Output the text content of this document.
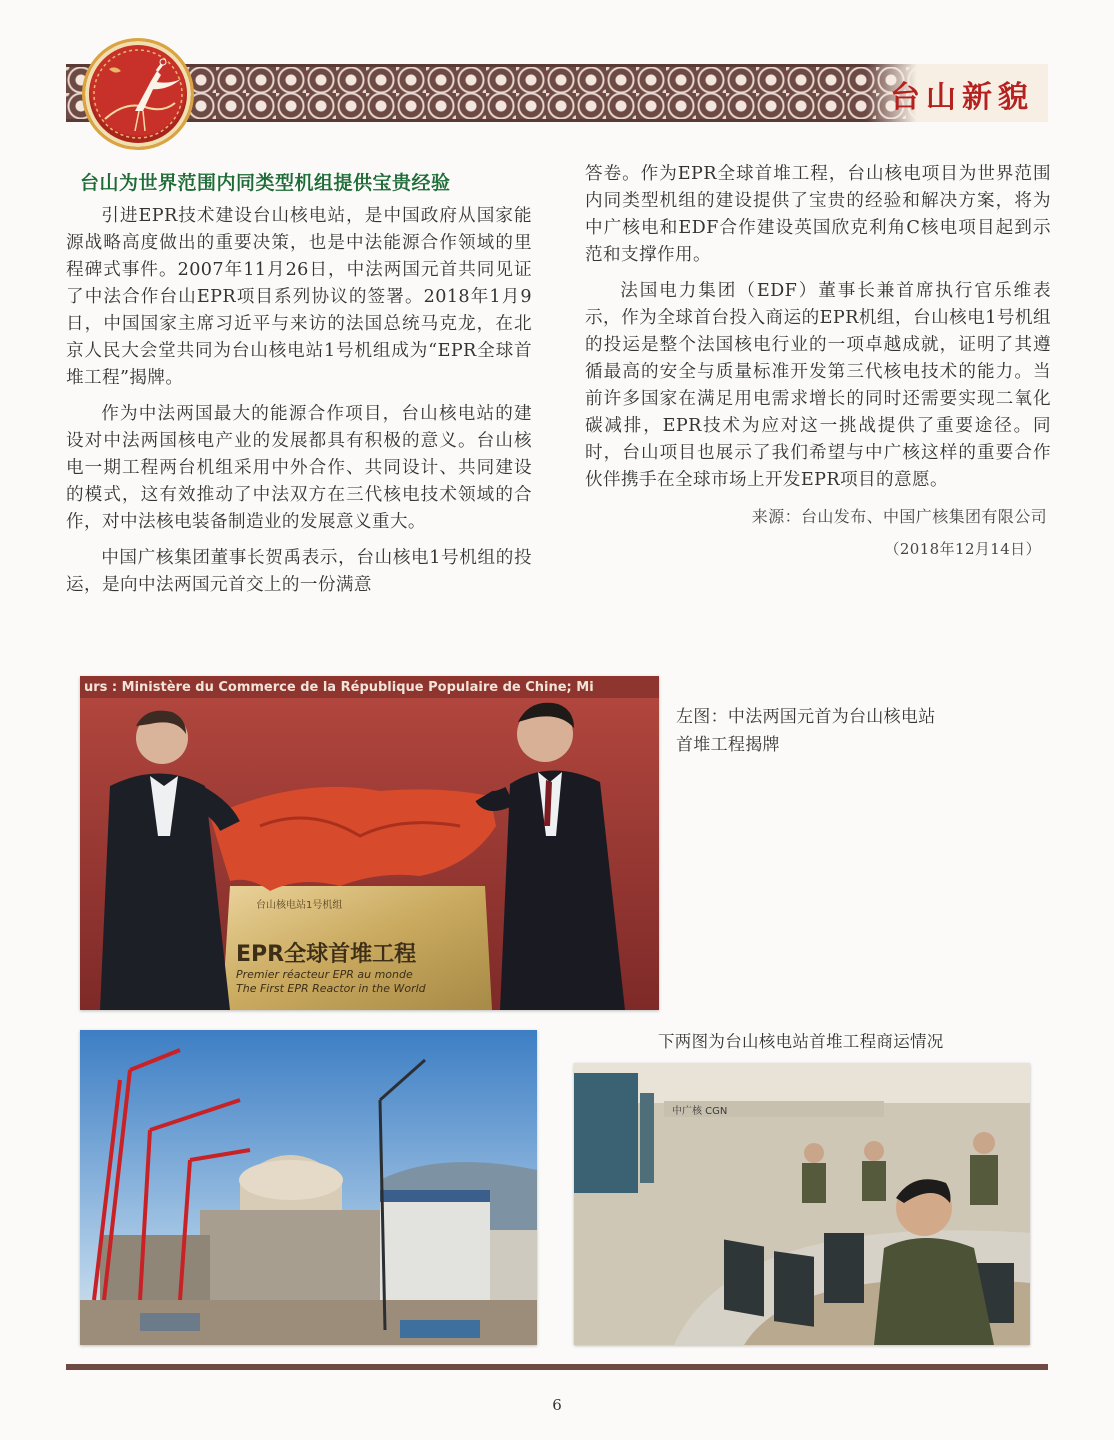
台山新貌
台山为世界范围内同类型机组提供宝贵经验

引进EPR技术建设台山核电站，是中国政府从国家能源战略高度做出的重要决策，也是中法能源合作领域的里程碑式事件。2007年11月26日，中法两国元首共同见证了中法合作台山EPR项目系列协议的签署。2018年1月9日，中国国家主席习近平与来访的法国总统马克龙，在北京人民大会堂共同为台山核电站1号机组成为“EPR全球首堆工程”揭牌。

作为中法两国最大的能源合作项目，台山核电站的建设对中法两国核电产业的发展都具有积极的意义。台山核电一期工程两台机组采用中外合作、共同设计、共同建设的模式，这有效推动了中法双方在三代核电技术领域的合作，对中法核电装备制造业的发展意义重大。

中国广核集团董事长贺禹表示，台山核电1号机组的投运，是向中法两国元首交上的一份满意

答卷。作为EPR全球首堆工程，台山核电项目为世界范围内同类型机组的建设提供了宝贵的经验和解决方案，将为中广核电和EDF合作建设英国欣克利角C核电项目起到示范和支撑作用。

法国电力集团（EDF）董事长兼首席执行官乐维表示，作为全球首台投入商运的EPR机组，台山核电1号机组的投运是整个法国核电行业的一项卓越成就，证明了其遵循最高的安全与质量标准开发第三代核电技术的能力。当前许多国家在满足用电需求增长的同时还需要实现二氧化碳减排，EPR技术为应对这一挑战提供了重要途径。同时，台山项目也展示了我们希望与中广核这样的重要合作伙伴携手在全球市场上开发EPR项目的意愿。

来源：台山发布、中国广核集团有限公司

（2018年12月14日）

urs : Ministère du Commerce de la République Populaire de Chine; Mi
台山核电站1号机组
EPR全球首堆工程
Premier réacteur EPR au monde
The First EPR Reactor in the World
左图：中法两国元首为台山核电站首堆工程揭牌
下两图为台山核电站首堆工程商运情况
中广核 CGN
6
